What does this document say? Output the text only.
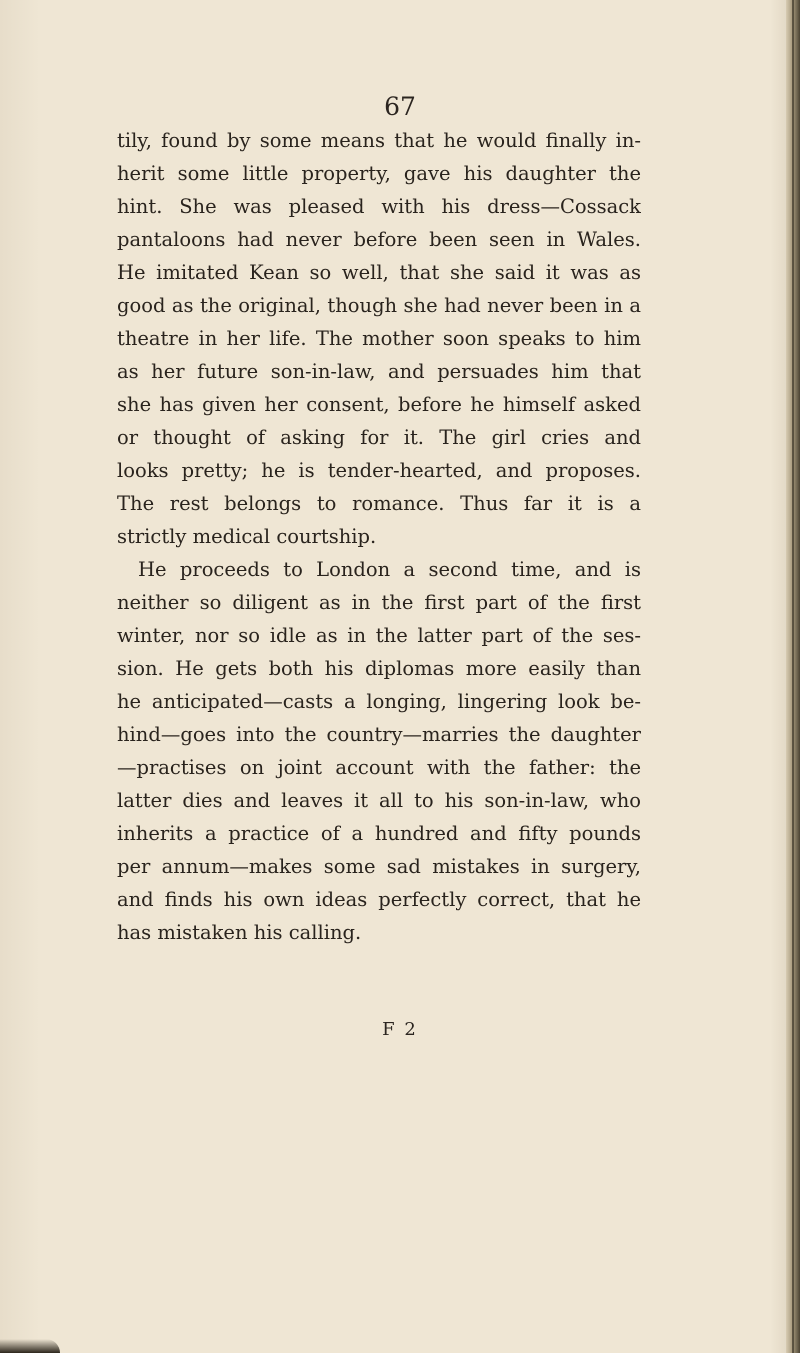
67
tily, found by some means that he would finally in-
herit some little property, gave his daughter the
hint. She was pleased with his dress—Cossack
pantaloons had never before been seen in Wales.
He imitated Kean so well, that she said it was as
good as the original, though she had never been in a
theatre in her life. The mother soon speaks to him
as her future son-in-law, and persuades him that
she has given her consent, before he himself asked
or thought of asking for it. The girl cries and
looks pretty; he is tender-hearted, and proposes.
The rest belongs to romance. Thus far it is a
strictly medical courtship.
He proceeds to London a second time, and is
neither so diligent as in the first part of the first
winter, nor so idle as in the latter part of the ses-
sion. He gets both his diplomas more easily than
he anticipated—casts a longing, lingering look be-
hind—goes into the country—marries the daughter
—practises on joint account with the father: the
latter dies and leaves it all to his son-in-law, who
inherits a practice of a hundred and fifty pounds
per annum—makes some sad mistakes in surgery,
and finds his own ideas perfectly correct, that he
has mistaken his calling.
F 2
